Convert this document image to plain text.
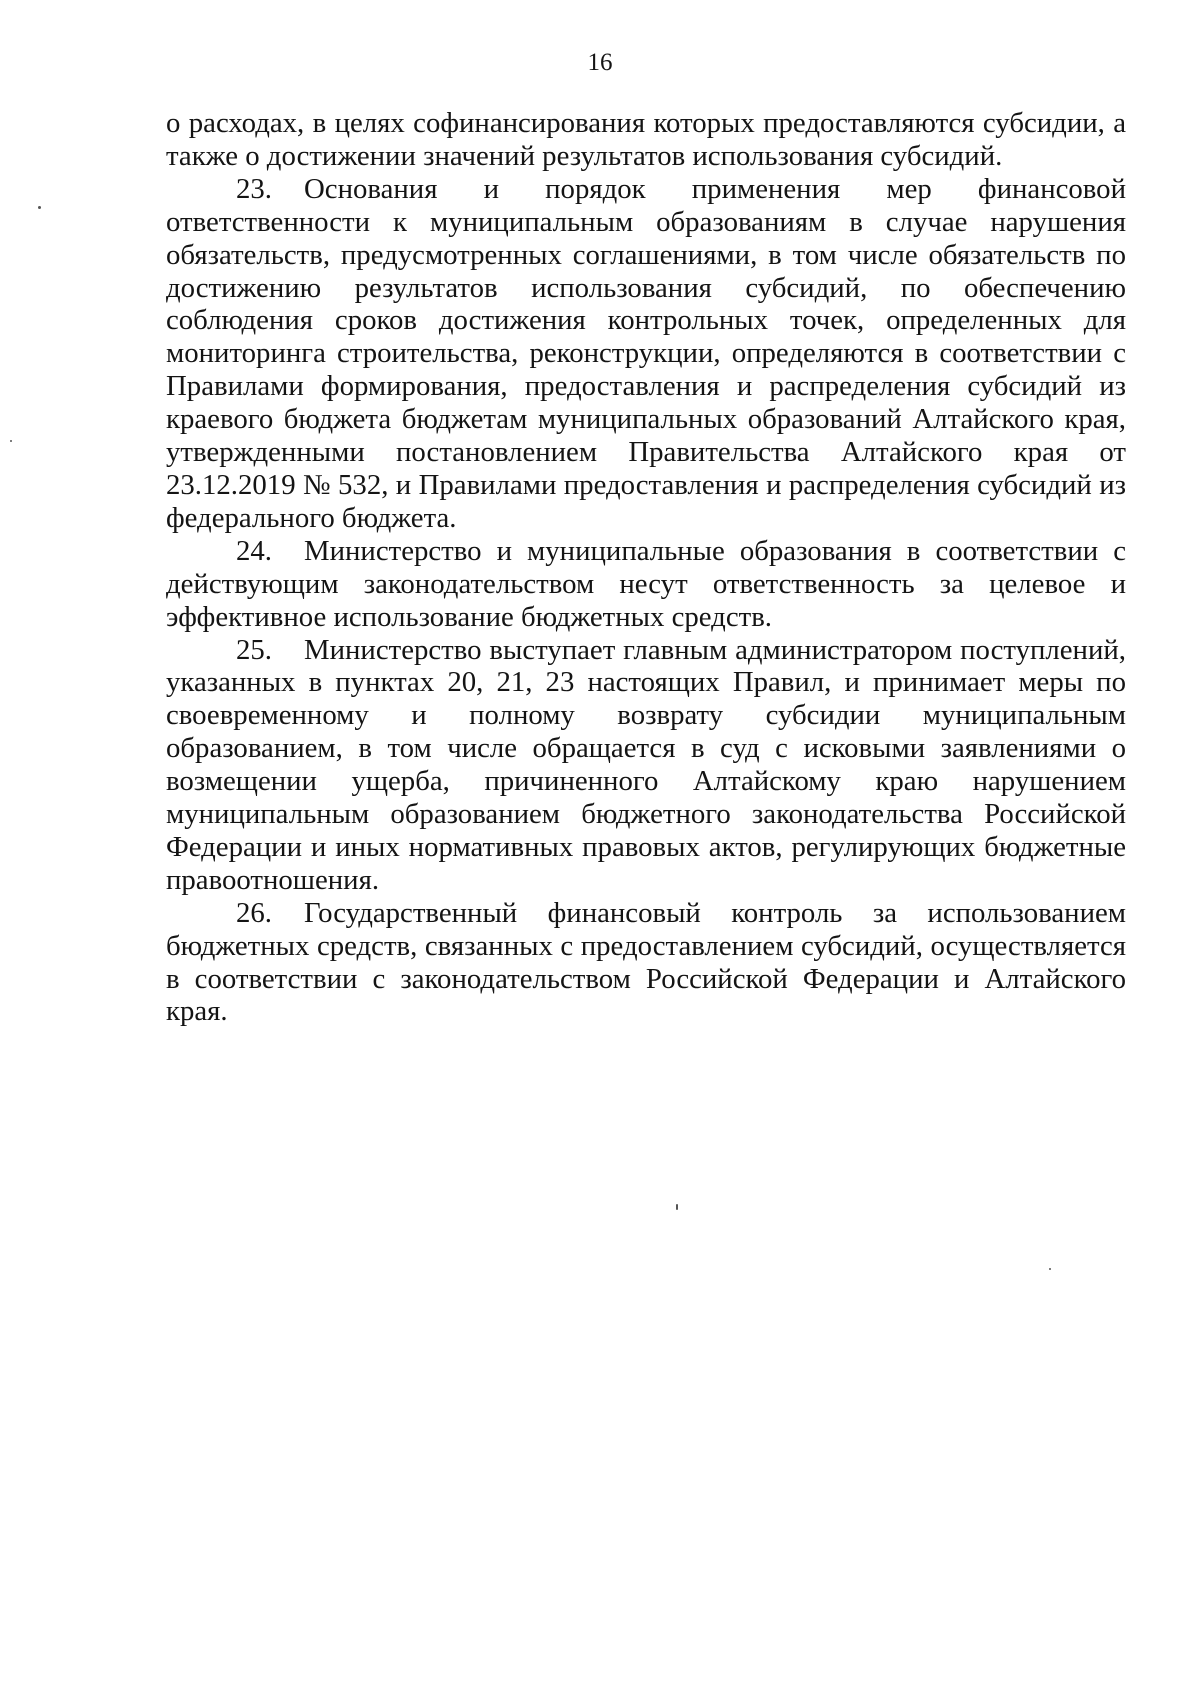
16

о расходах, в целях софинансирования которых предоставляются субсидии, а также о достижении значений результатов использования субсидий.

23. Основания и порядок применения мер финансовой ответственности к муниципальным образованиям в случае нарушения обязательств, предусмотренных соглашениями, в том числе обязательств по достижению результатов использования субсидий, по обеспечению соблюдения сроков достижения контрольных точек, определенных для мониторинга строительства, реконструкции, определяются в соответствии с Правилами формирования, предоставления и распределения субсидий из краевого бюджета бюджетам муниципальных образований Алтайского края, утвержденными постановлением Правительства Алтайского края от 23.12.2019 № 532, и Правилами предоставления и распределения субсидий из федерального бюджета.

24. Министерство и муниципальные образования в соответствии с действующим законодательством несут ответственность за целевое и эффективное использование бюджетных средств.

25. Министерство выступает главным администратором поступлений, указанных в пунктах 20, 21, 23 настоящих Правил, и принимает меры по своевременному и полному возврату субсидии муниципальным образованием, в том числе обращается в суд с исковыми заявлениями о возмещении ущерба, причиненного Алтайскому краю нарушением муниципальным образованием бюджетного законодательства Российской Федерации и иных нормативных правовых актов, регулирующих бюджетные правоотношения.

26. Государственный финансовый контроль за использованием бюджетных средств, связанных с предоставлением субсидий, осуществляется в соответствии с законодательством Российской Федерации и Алтайского края.
